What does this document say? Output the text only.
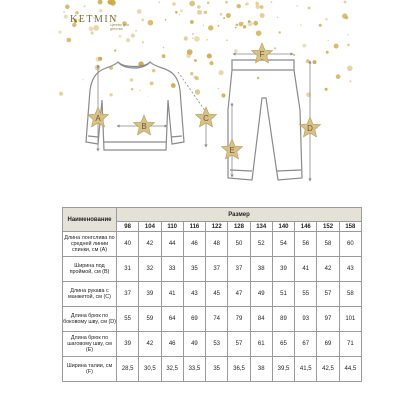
KETMIN
Ценник для детства
A
B
C
D
E
F
Наименование	Размер										
	98	104	110	116	122	128	134	140	146	152	158
Длина лонгслива по средней линии спинки, см (A)	40	42	44	46	48	50	52	54	56	58	60
Ширина под проймой, см (B)	31	32	33	35	37	37	38	39	41	42	43
Длина рукава с манжетой, см (C)	37	39	41	43	45	47	49	51	55	57	58
Длина брюк по боковому шву, см (D)	55	59	64	69	74	79	84	89	93	97	101
Длина брюк по шаговому шву, см (E)	39	42	46	49	53	57	61	65	67	69	71
Ширина талии, см (F)	28,5	30,5	32,5	33,5	35	36,5	38	39,5	41,5	42,5	44,5
